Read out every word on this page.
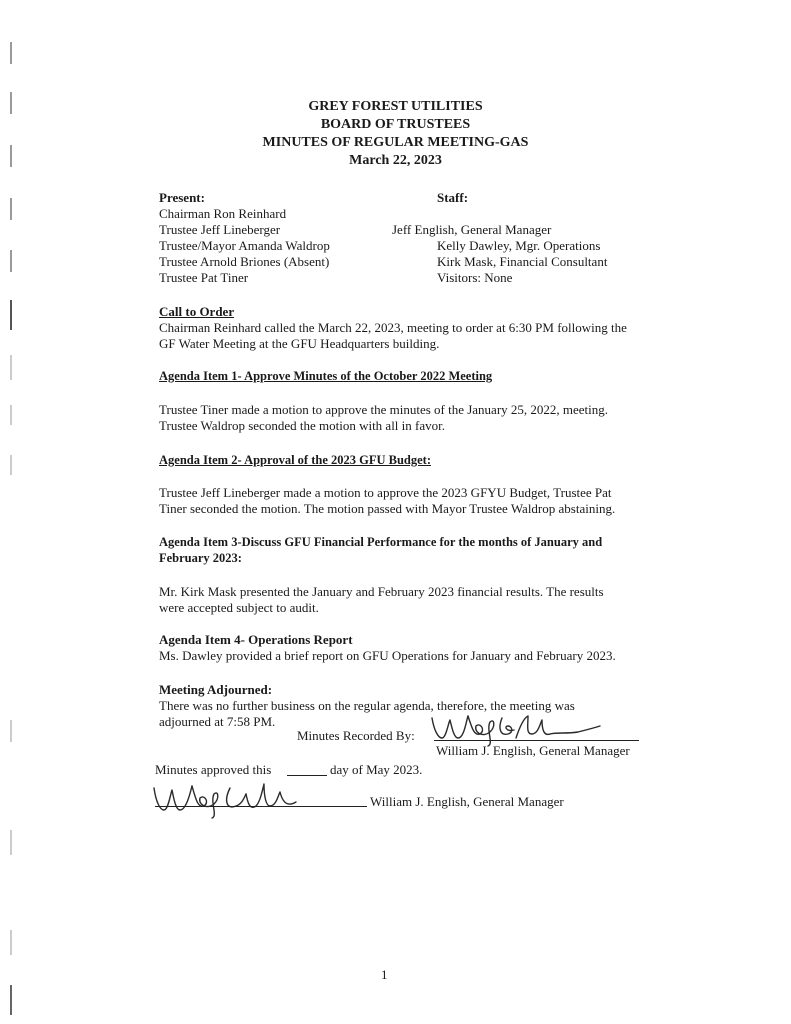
GREY FOREST UTILITIES
BOARD OF TRUSTEES
MINUTES OF REGULAR MEETING-GAS
March 22, 2023
Present:	Staff:
Chairman Ron Reinhard
Trustee Jeff Lineberger
Trustee/Mayor Amanda Waldrop
Trustee Arnold Briones (Absent)
Trustee Pat Tiner
Jeff English, General Manager
Kelly Dawley, Mgr. Operations
Kirk Mask, Financial Consultant
Visitors: None
Call to Order
Chairman Reinhard called the March 22, 2023, meeting to order at 6:30 PM following the
GF Water Meeting at the GFU Headquarters building.
Agenda Item 1- Approve Minutes of the October 2022 Meeting
Trustee Tiner made a motion to approve the minutes of the January 25, 2022, meeting.
Trustee Waldrop seconded the motion with all in favor.
Agenda Item 2- Approval of the 2023 GFU Budget:
Trustee Jeff Lineberger made a motion to approve the 2023 GFYU Budget, Trustee Pat
Tiner seconded the motion. The motion passed with Mayor Trustee Waldrop abstaining.
Agenda Item 3-Discuss GFU Financial Performance for the months of January and
February 2023:
Mr. Kirk Mask presented the January and February 2023 financial results. The results
were accepted subject to audit.
Agenda Item 4- Operations Report
Ms. Dawley provided a brief report on GFU Operations for January and February 2023.
Meeting Adjourned:
There was no further business on the regular agenda, therefore, the meeting was
adjourned at 7:58 PM.
Minutes Recorded By:
William J. English, General Manager
Minutes approved this	day of May 2023.
William J. English, General Manager
1
